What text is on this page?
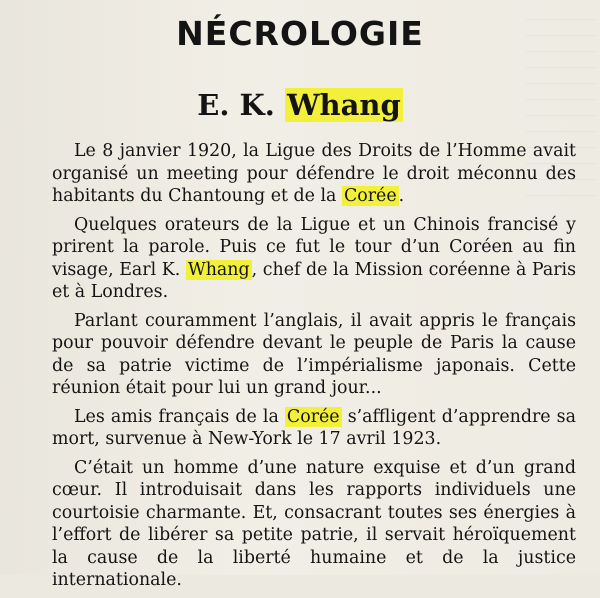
NÉCROLOGIE
E. K. Whang

Le 8 janvier 1920, la Ligue des Droits de l’Homme avait organisé un meeting pour défendre le droit méconnu des habitants du Chantoung et de la Corée .

Quelques orateurs de la Ligue et un Chinois francisé y prirent la parole. Puis ce fut le tour d’un Coréen au fin visage, Earl K. Whang , chef de la Mission coréenne à Paris et à Londres.

Parlant couramment l’anglais, il avait appris le français pour pouvoir défendre devant le peuple de Paris la cause de sa patrie victime de l’impérialisme japonais. Cette réunion était pour lui un grand jour...

Les amis français de la Corée s’affligent d’apprendre sa mort, survenue à New-York le 17 avril 1923.

C’était un homme d’une nature exquise et d’un grand cœur. Il introduisait dans les rapports individuels une courtoisie charmante. Et, consacrant toutes ses énergies à l’effort de libérer sa petite patrie, il servait héroïquement la cause de la liberté humaine et de la justice internationale.
